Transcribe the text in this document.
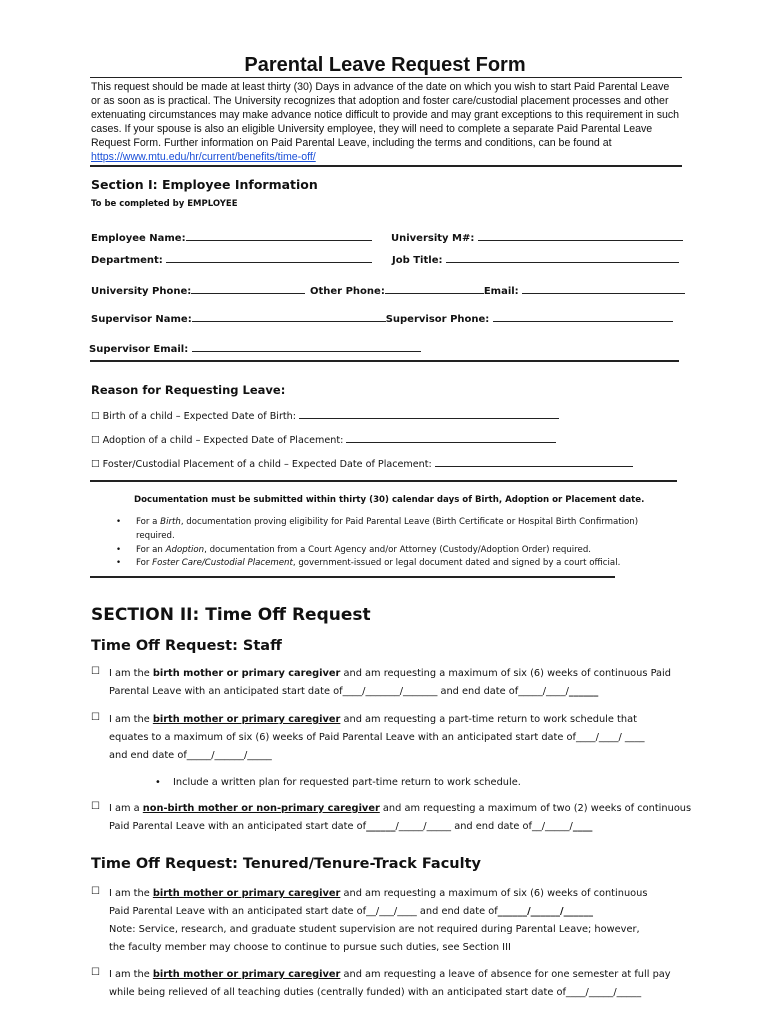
Parental Leave Request Form
This request should be made at least thirty (30) Days in advance of the date on which you wish to start Paid Parental Leave or as soon as is practical. The University recognizes that adoption and foster care/custodial placement processes and other extenuating circumstances may make advance notice difficult to provide and may grant exceptions to this requirement in such cases. If your spouse is also an eligible University employee, they will need to complete a separate Paid Parental Leave Request Form. Further information on Paid Parental Leave, including the terms and conditions, can be found at https://www.mtu.edu/hr/current/benefits/time-off/
Section I: Employee Information
To be completed by EMPLOYEE
Employee Name:	University M#:
Department:	Job Title:
University Phone:	Other Phone:	Email:
Supervisor Name:	Supervisor Phone:
Supervisor Email:
Reason for Requesting Leave:
☐ Birth of a child – Expected Date of Birth:
☐ Adoption of a child – Expected Date of Placement:
☐ Foster/Custodial Placement of a child – Expected Date of Placement:
Documentation must be submitted within thirty (30) calendar days of Birth, Adoption or Placement date.
• For a Birth, documentation proving eligibility for Paid Parental Leave (Birth Certificate or Hospital Birth Confirmation)
required.
• For an Adoption, documentation from a Court Agency and/or Attorney (Custody/Adoption Order) required.
• For Foster Care/Custodial Placement, government-issued or legal document dated and signed by a court official.
SECTION II: Time Off Request
Time Off Request: Staff
☐ I am the birth mother or primary caregiver and am requesting a maximum of six (6) weeks of continuous Paid
Parental Leave with an anticipated start date of____/_______/_______ and end date of_____/____/______
☐ I am the birth mother or primary caregiver and am requesting a part-time return to work schedule that
equates to a maximum of six (6) weeks of Paid Parental Leave with an anticipated start date of____/____/ ____
and end date of_____/______/_____
• Include a written plan for requested part-time return to work schedule.
☐ I am a non-birth mother or non-primary caregiver and am requesting a maximum of two (2) weeks of continuous
Paid Parental Leave with an anticipated start date of______/_____/_____ and end date of__/_____/____
Time Off Request: Tenured/Tenure-Track Faculty
☐ I am the birth mother or primary caregiver and am requesting a maximum of six (6) weeks of continuous
Paid Parental Leave with an anticipated start date of__/___/____ and end date of______/______/______
Note: Service, research, and graduate student supervision are not required during Parental Leave; however,
the faculty member may choose to continue to pursue such duties, see Section III
☐ I am the birth mother or primary caregiver and am requesting a leave of absence for one semester at full pay
while being relieved of all teaching duties (centrally funded) with an anticipated start date of____/_____/_____
